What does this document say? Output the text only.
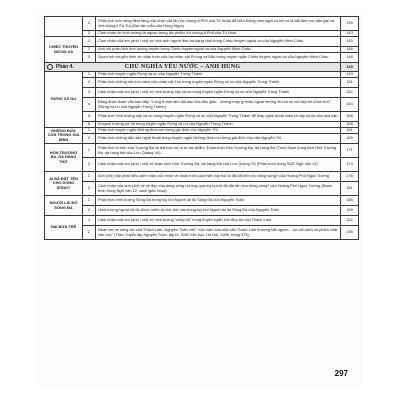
	2	Phân tích sức sống tiềm tàng của nhân vật Mị (Vợ chồng A Phủ của Tô Hoài) để hiểu thông cảm ngợi ca khi có bị bắt làm con dâu gạt nợ nhà thống lí Pá Tra (Bài văn mẫu của Hồng Ngọc)	139
	3	Cảm nhận về hình tượng tả ngoan trong tác phẩm Vợ chồng A Phủ của Tô Hoài	143
CHIẾC THUYỀN NGOÀI XA	1	Cảm nhận của em (anh / chị) về hình ảnh người đàn bà hàng chài trong Chiếc thuyền ngoài xa của Nguyễn Minh Châu	145
	2	Anh chị phân tích tình huống truyện trong Chiếc thuyền ngoài xa của Nguyễn Minh Châu	146
	3	Qua trình chuyển biến về nhận thức của hai nhân vật Phùng và Đẩu trong truyện ngắn Chiếc thuyền ngoài xa của Nguyễn Minh Châu	148

Phần 4. CHỦ NGHĨA YÊU NƯỚC – ANH HÙNG			149
RỪNG XÀ NU	1	Phân tích truyện ngắn Rừng xà nu của Nguyễn Trung Thành	149
	2	Phân tích những nét tính cách của nhân vật Tnú trong truyện ngắn Rừng xà nu của Nguyễn Trung Thành	151
	3	Cảm nhận của em (anh / chị) về hình tượng cây xà nu trong truyện ngắn Rừng xà nu của Nguyễn Trung Thành	152
	4	Bằng đoạn đoạn văn sau đây: "Làng ở tầm tầm đại bác của đồn giặc... không thấy gì khác ngoài những đồi xà nu nối tiếp tới chân trời." (Rừng xà nu của Nguyễn Trung Thành)	154
	5	Phân tích hình tượng cây xà nu trong truyện ngắn Rừng xà nu của Nguyễn Trung Thành để thấy nghệ thuật miêu tả cây xà nu của nhà văn	156
	6	Khuynh hướng sử thi trong truyện ngắn Rừng xà nu của Nguyễn Trung Thành	158
NHỮNG ĐỨA CON TRONG GIA ĐÌNH	1	Phân tích truyện ngắn Những đứa con trong gia đình của Nguyễn Thi	161
	2	Phân tích những đặc sắc nghệ thuật trong truyện ngắn Những đứa con trong gia đình của văn Nguyễn Thi	165
HỒN TRƯƠNG BA, DA HÀNG THỊT	1	Phân tích bi kịch của Trương Ba và bài học rút ra từ tác phẩm. Đoạn trích Hồn Trương Ba, da hàng thịt (Trích đoạn trong kịch Hồn Trương Ba, da hàng thịt của Lưu Quang Vũ)	171
	2	Cảm nhận của em (anh / chị) về đoạn kịch Hồn Trương Ba, da hàng thịt của Lưu Quang Vũ (Phần trích trong SGK Ngữ văn 12)	174
AI ĐÃ ĐẶT TÊN CHO DÒNG SÔNG?	1	Anh (chị) hãy phát biểu cảm nhận của mình về đoạn trích của thiên tùy bút Ai đã đặt tên cho dòng sông? của Hoàng Phủ Ngọc Tường	178
	2	Cảm nhận của anh (chị) về vẻ đẹp của dòng sông Hương qua tùy bút Ai đã đặt tên cho dòng sông? của Hoàng Phủ Ngọc Tường (Đoạn trích trong Ngữ văn 12, sách giáo khoa)	181
NGƯỜI LÁI ĐÒ SÔNG ĐÀ	1	Phân tích hình tượng Sông Đà trong tùy bút Người lái đò Sông Đà của Nguyễn Tuân	185
	2	Hình tượng người lái đò được miêu tả như thế nào trong tùy bút Người lái đò Sông Đà của Nguyễn Tuân	189
HAI ĐỨA TRẺ	1	Cảm nhận của em (anh / chị) về hình tượng "sống tối" trong truyện ngắn Hai đứa trẻ của Thạch Lam	192
	2	Nhận xét về sáng tác của Thạch Lam, Nguyễn Tuân viết: "Xúc cảm của nhà văn Thạch Lam thường bắt nguồn... sợ cốt cách và phẩm chất văn học" (Theo Tuyển tập Nguyễn Tuân, tập III, NXB Văn học, Hà Nội, 1996, trang 375)	195
297
